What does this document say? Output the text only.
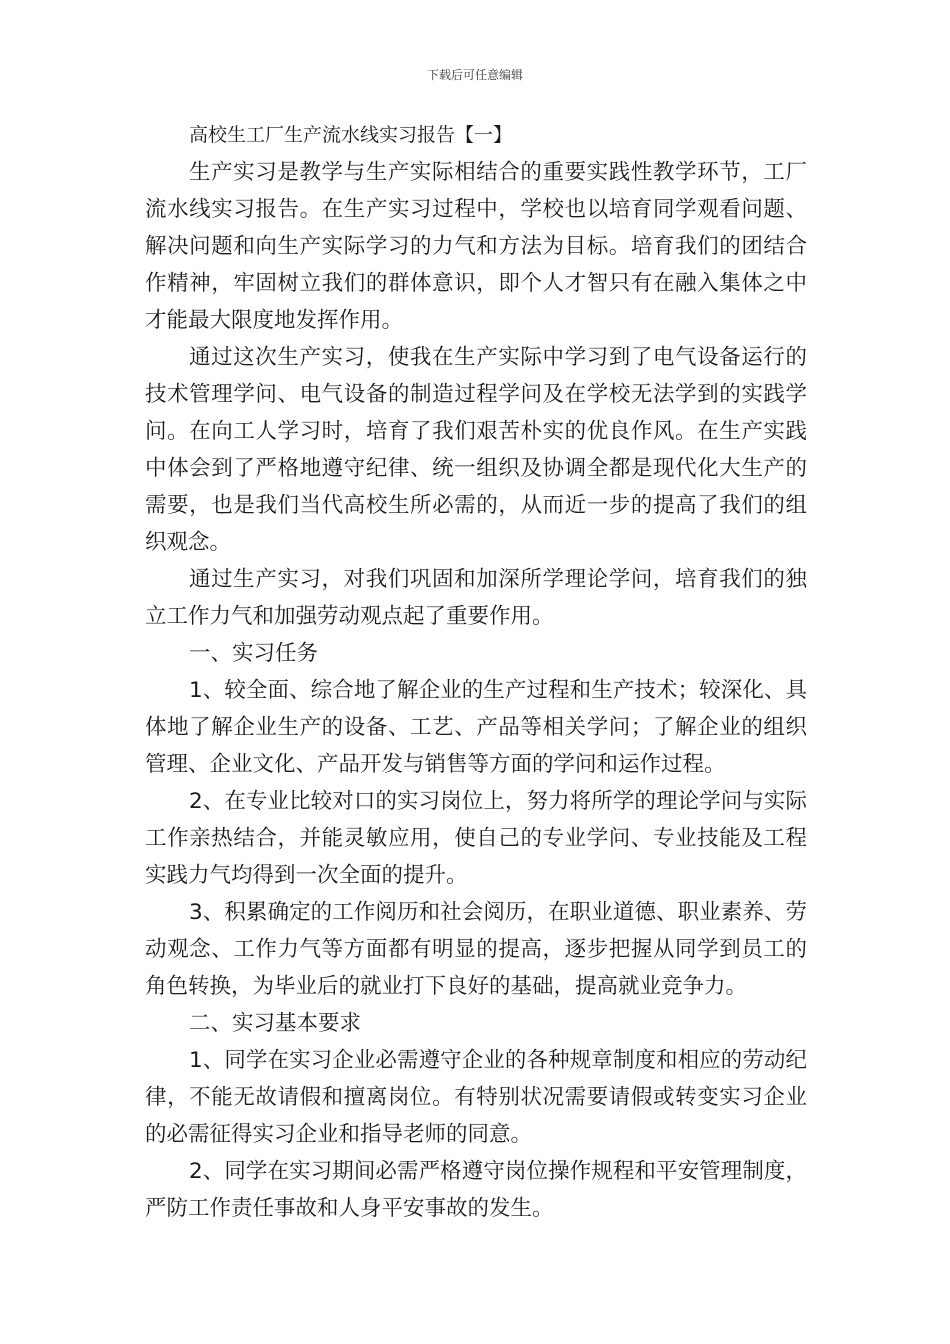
下载后可任意编辑

高校生工厂生产流水线实习报告【一】

生产实习是教学与生产实际相结合的重要实践性教学环节，工厂流水线实习报告。在生产实习过程中，学校也以培育同学观看问题、解决问题和向生产实际学习的力气和方法为目标。培育我们的团结合作精神，牢固树立我们的群体意识，即个人才智只有在融入集体之中才能最大限度地发挥作用。

通过这次生产实习，使我在生产实际中学习到了电气设备运行的技术管理学问、电气设备的制造过程学问及在学校无法学到的实践学问。在向工人学习时，培育了我们艰苦朴实的优良作风。在生产实践中体会到了严格地遵守纪律、统一组织及协调全都是现代化大生产的需要，也是我们当代高校生所必需的，从而近一步的提高了我们的组织观念。

通过生产实习，对我们巩固和加深所学理论学问，培育我们的独立工作力气和加强劳动观点起了重要作用。

一、实习任务

1、较全面、综合地了解企业的生产过程和生产技术；较深化、具体地了解企业生产的设备、工艺、产品等相关学问；了解企业的组织管理、企业文化、产品开发与销售等方面的学问和运作过程。

2、在专业比较对口的实习岗位上，努力将所学的理论学问与实际工作亲热结合，并能灵敏应用，使自己的专业学问、专业技能及工程实践力气均得到一次全面的提升。

3、积累确定的工作阅历和社会阅历，在职业道德、职业素养、劳动观念、工作力气等方面都有明显的提高，逐步把握从同学到员工的角色转换，为毕业后的就业打下良好的基础，提高就业竞争力。

二、实习基本要求

1、同学在实习企业必需遵守企业的各种规章制度和相应的劳动纪律，不能无故请假和擅离岗位。有特别状况需要请假或转变实习企业的必需征得实习企业和指导老师的同意。

2、同学在实习期间必需严格遵守岗位操作规程和平安管理制度，严防工作责任事故和人身平安事故的发生。
